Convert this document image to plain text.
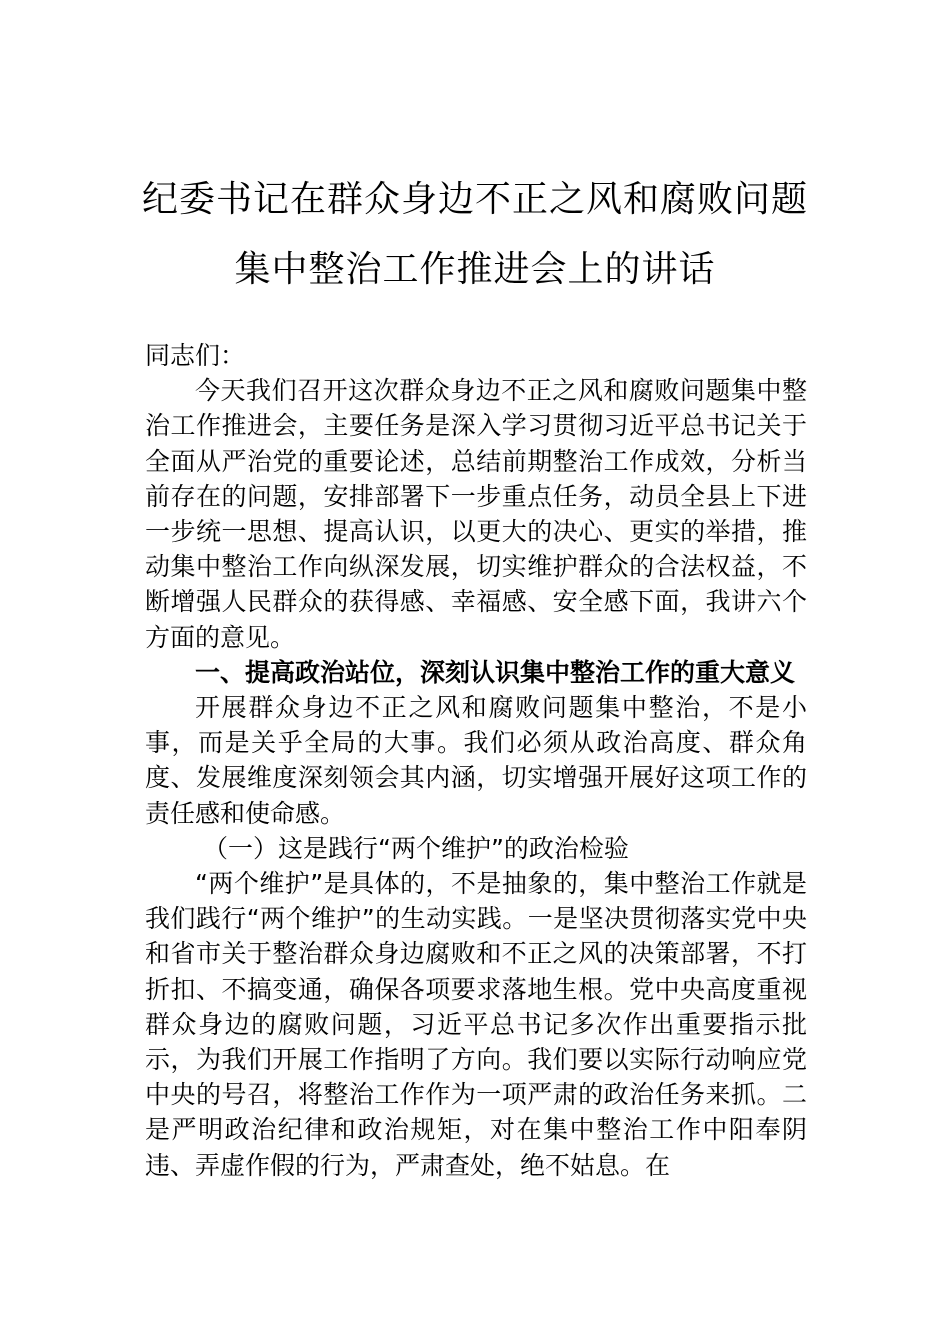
纪委书记在群众身边不正之风和腐败问题
集中整治工作推进会上的讲话

同志们：

今天我们召开这次群众身边不正之风和腐败问题集中整治工作推进会，主要任务是深入学习贯彻习近平总书记关于全面从严治党的重要论述，总结前期整治工作成效，分析当前存在的问题，安排部署下一步重点任务，动员全县上下进一步统一思想、提高认识，以更大的决心、更实的举措，推动集中整治工作向纵深发展，切实维护群众的合法权益，不断增强人民群众的获得感、幸福感、安全感下面，我讲六个方面的意见。

一、提高政治站位，深刻认识集中整治工作的重大意义

开展群众身边不正之风和腐败问题集中整治，不是小事，而是关乎全局的大事。我们必须从政治高度、群众角度、发展维度深刻领会其内涵，切实增强开展好这项工作的责任感和使命感。

（一）这是践行“两个维护”的政治检验

“两个维护”是具体的，不是抽象的，集中整治工作就是我们践行“两个维护”的生动实践。一是坚决贯彻落实党中央和省市关于整治群众身边腐败和不正之风的决策部署，不打折扣、不搞变通，确保各项要求落地生根。党中央高度重视群众身边的腐败问题，习近平总书记多次作出重要指示批示，为我们开展工作指明了方向。我们要以实际行动响应党中央的号召，将整治工作作为一项严肃的政治任务来抓。二是严明政治纪律和政治规矩，对在集中整治工作中阳奉阴违、弄虚作假的行为，严肃查处，绝不姑息。在
